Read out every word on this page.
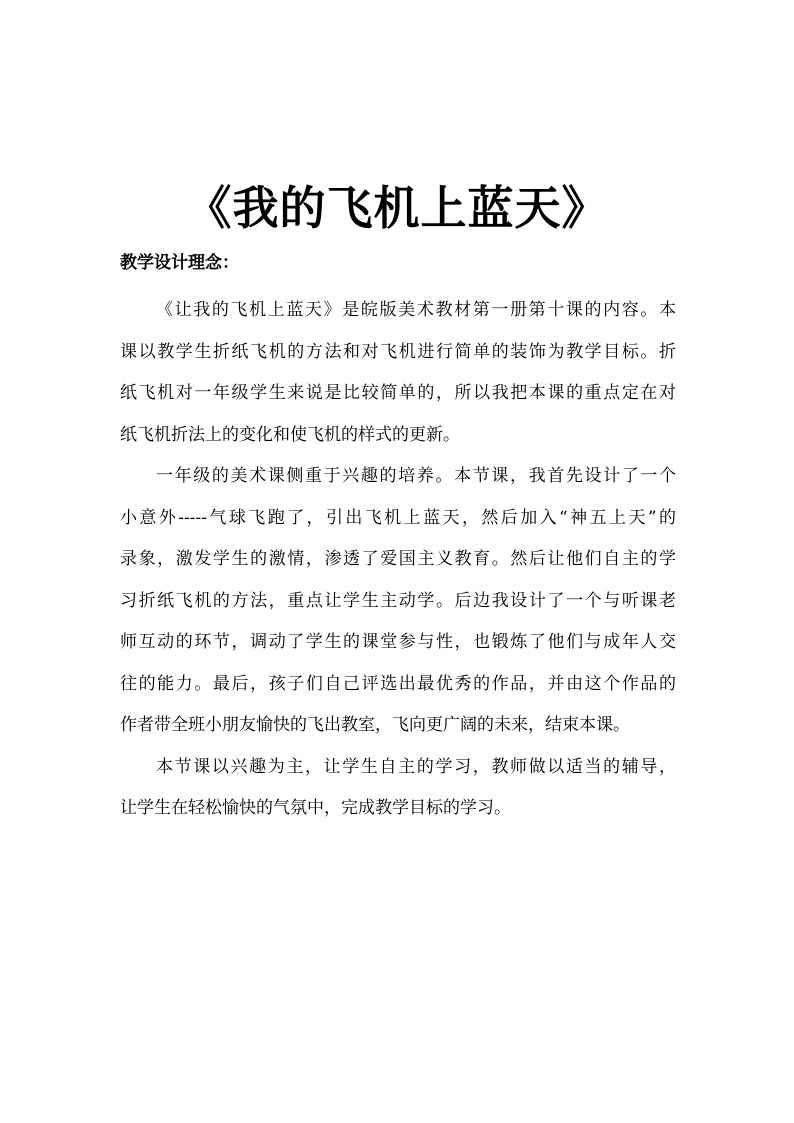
《我的飞机上蓝天》
教学设计理念：
《让我的飞机上蓝天》是皖版美术教材第一册第十课的内容。本
课以教学生折纸飞机的方法和对飞机进行简单的装饰为教学目标。折
纸飞机对一年级学生来说是比较简单的，所以我把本课的重点定在对
纸飞机折法上的变化和使飞机的样式的更新。
一年级的美术课侧重于兴趣的培养。本节课，我首先设计了一个
小意外-----气球飞跑了，引出飞机上蓝天，然后加入“神五上天”的
录象，激发学生的激情，渗透了爱国主义教育。然后让他们自主的学
习折纸飞机的方法，重点让学生主动学。后边我设计了一个与听课老
师互动的环节，调动了学生的课堂参与性，也锻炼了他们与成年人交
往的能力。最后，孩子们自己评选出最优秀的作品，并由这个作品的
作者带全班小朋友愉快的飞出教室，飞向更广阔的未来，结束本课。
本节课以兴趣为主，让学生自主的学习，教师做以适当的辅导，
让学生在轻松愉快的气氛中，完成教学目标的学习。
